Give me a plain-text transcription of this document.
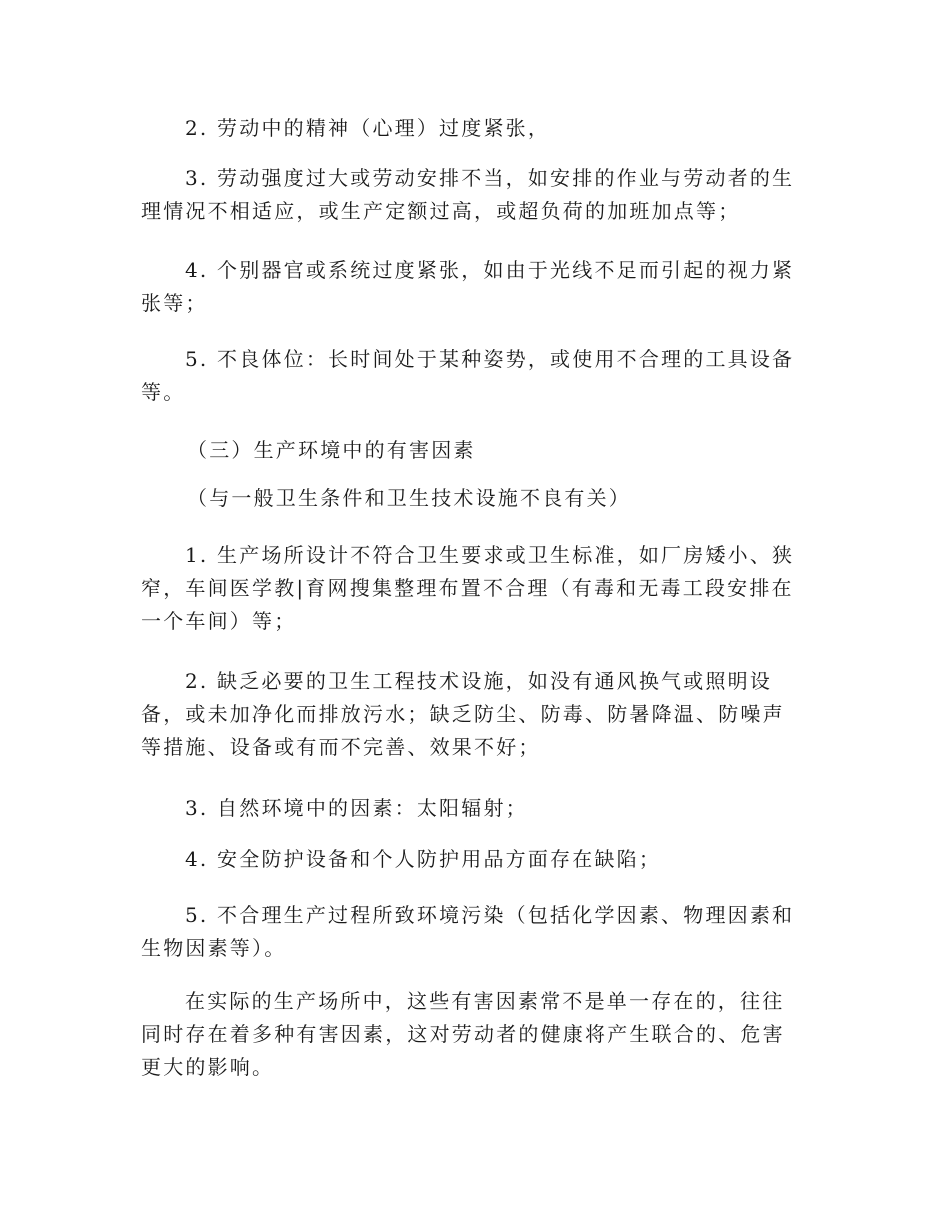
2. 劳动中的精神（心理）过度紧张，

3. 劳动强度过大或劳动安排不当，如安排的作业与劳动者的生理情况不相适应，或生产定额过高，或超负荷的加班加点等；

4. 个别器官或系统过度紧张，如由于光线不足而引起的视力紧张等；

5. 不良体位：长时间处于某种姿势，或使用不合理的工具设备等。

（三）生产环境中的有害因素

（与一般卫生条件和卫生技术设施不良有关）

1. 生产场所设计不符合卫生要求或卫生标准，如厂房矮小、狭窄，车间医学教|育网搜集整理布置不合理（有毒和无毒工段安排在一个车间）等；

2. 缺乏必要的卫生工程技术设施，如没有通风换气或照明设备，或未加净化而排放污水；缺乏防尘、防毒、防暑降温、防噪声等措施、设备或有而不完善、效果不好；

3. 自然环境中的因素：太阳辐射；

4. 安全防护设备和个人防护用品方面存在缺陷；

5. 不合理生产过程所致环境污染（包括化学因素、物理因素和生物因素等）。

在实际的生产场所中，这些有害因素常不是单一存在的，往往同时存在着多种有害因素，这对劳动者的健康将产生联合的、危害更大的影响。
